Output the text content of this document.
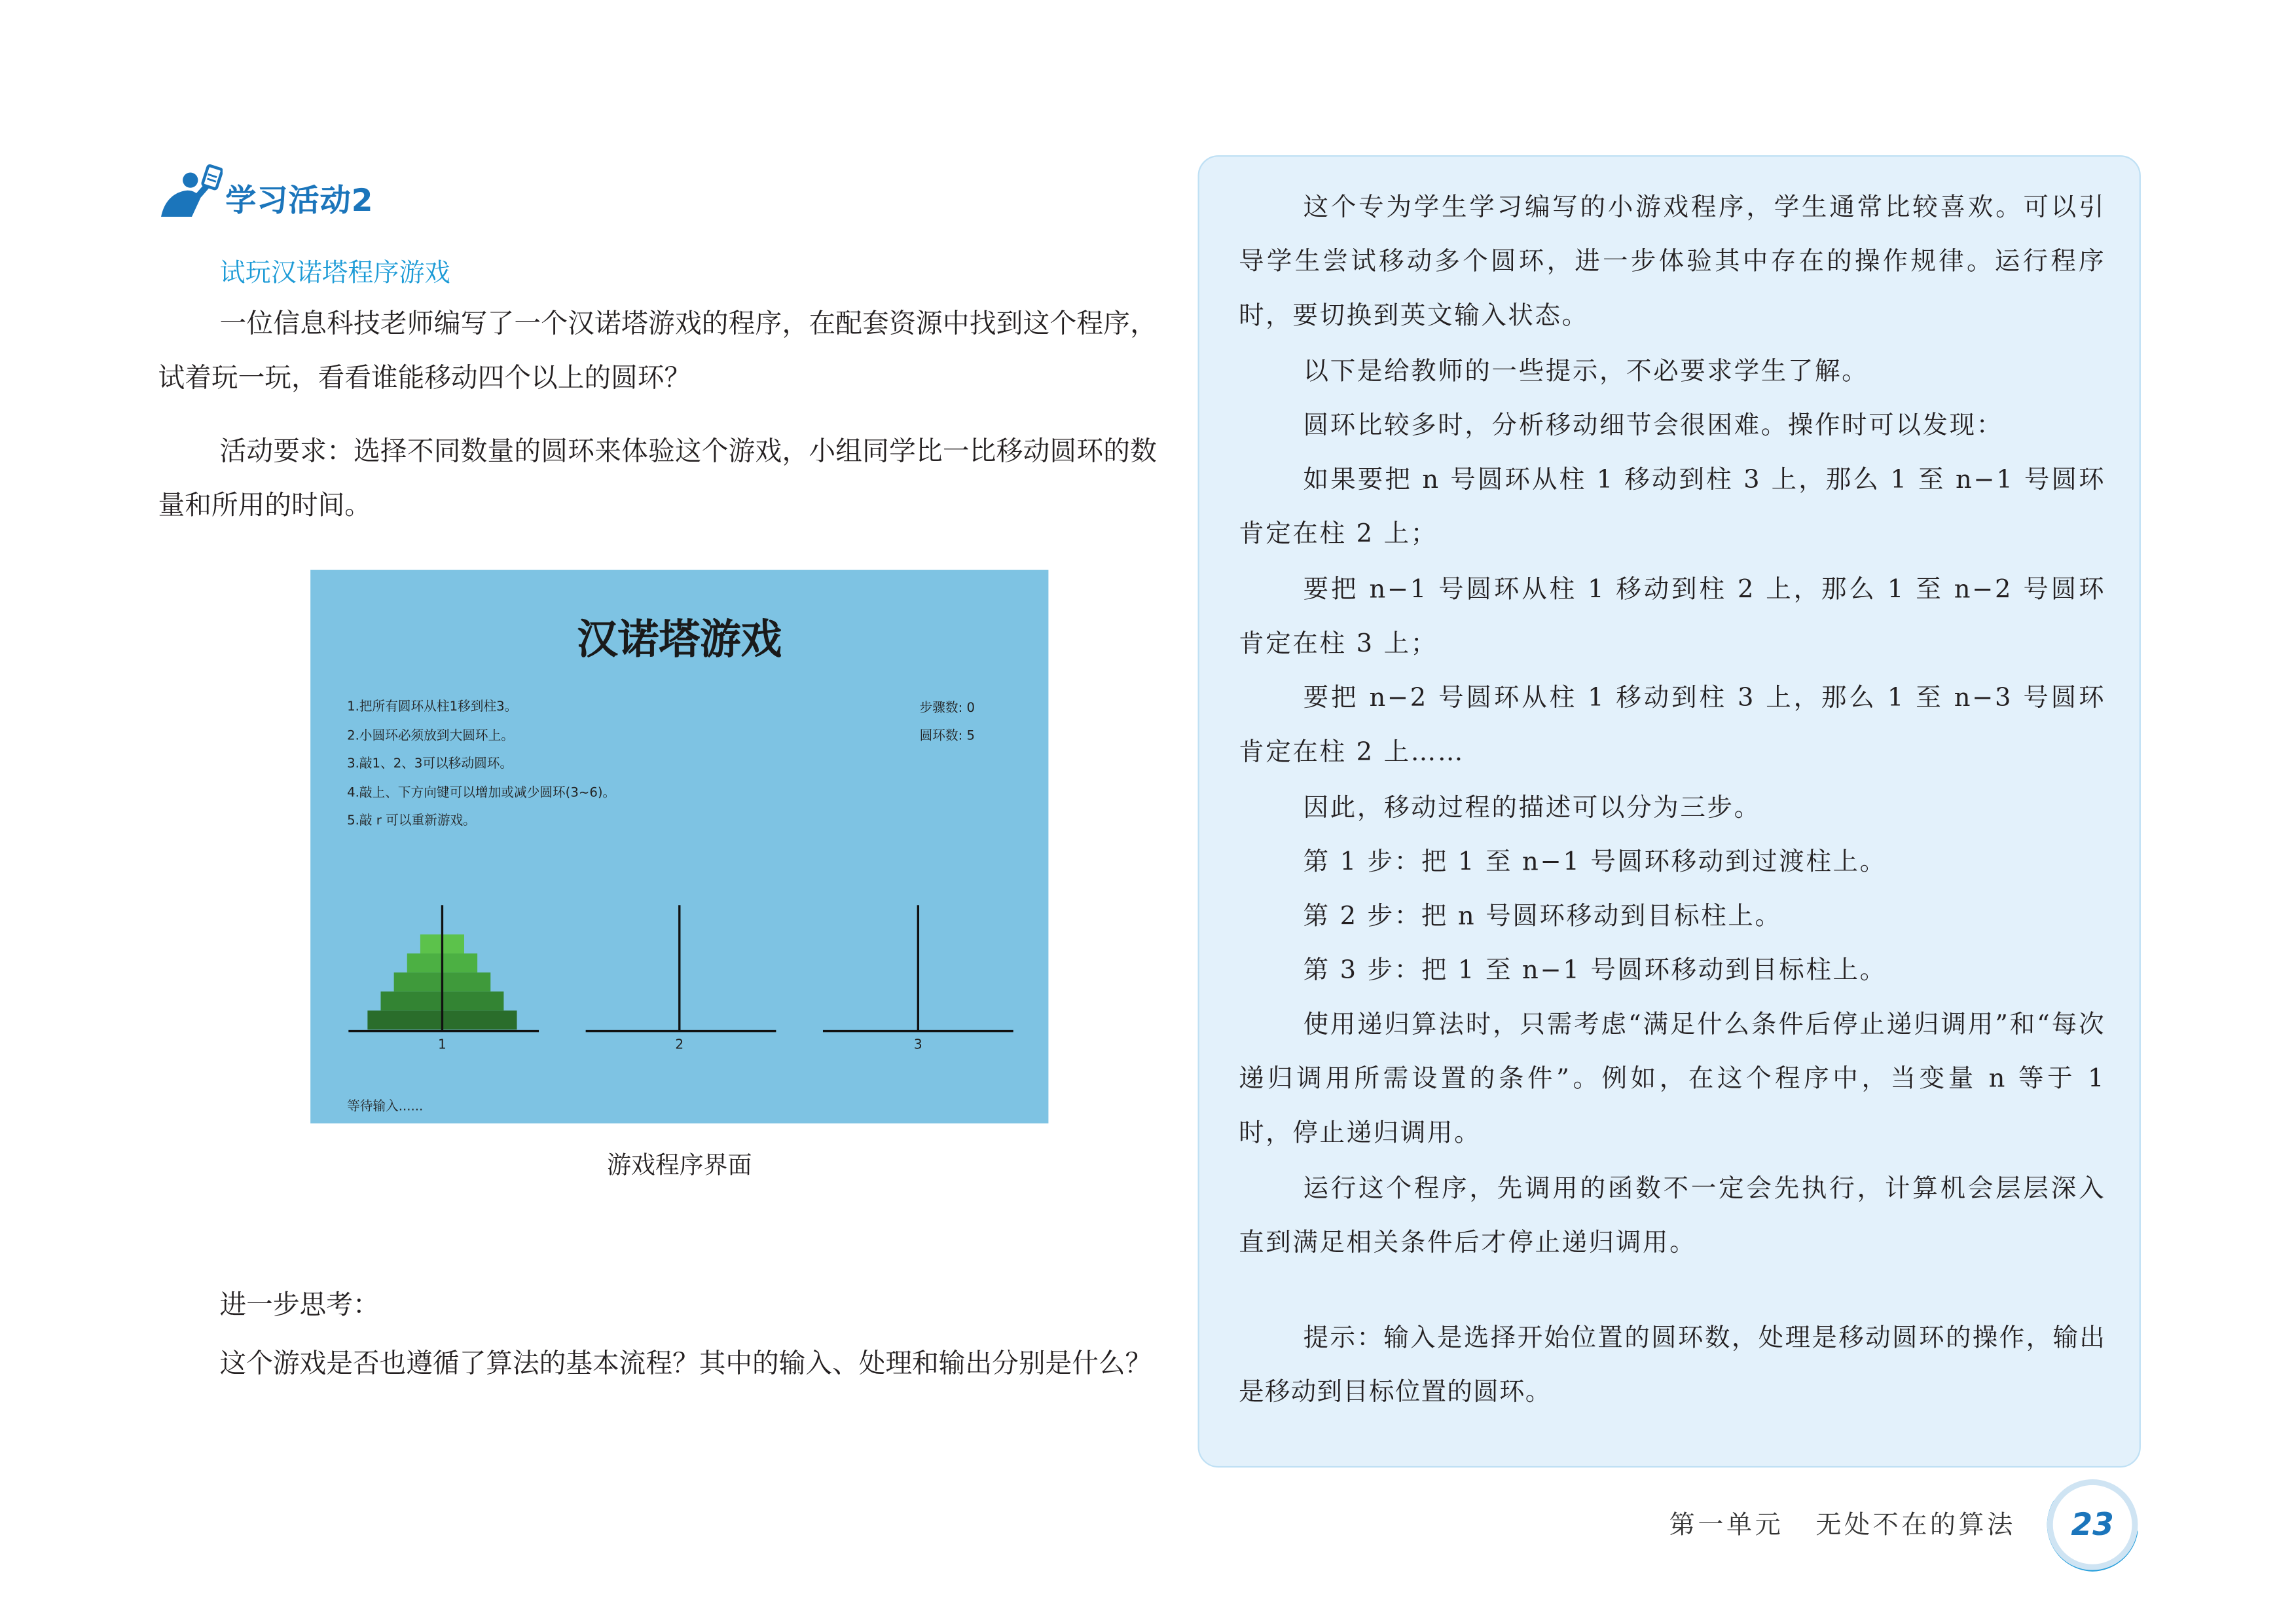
学习活动2
试玩汉诺塔程序游戏

一位信息科技老师编写了一个汉诺塔游戏的程序，在配套资源中找到这个程序，试着玩一玩，看看谁能移动四个以上的圆环？

活动要求：选择不同数量的圆环来体验这个游戏，小组同学比一比移动圆环的数量和所用的时间。

汉诺塔游戏
1.把所有圆环从柱1移到柱3。
2.小圆环必须放到大圆环上。
3.敲1、2、3可以移动圆环。
4.敲上、下方向键可以增加或减少圆环(3~6)。
5.敲 r 可以重新游戏。
步骤数: 0
圆环数: 5
1	2	3
等待输入......
游戏程序界面

进一步思考：

这个游戏是否也遵循了算法的基本流程？其中的输入、处理和输出分别是什么？

这个专为学生学习编写的小游戏程序，学生通常比较喜欢。可以引导学生尝试移动多个圆环，进一步体验其中存在的操作规律。运行程序时，要切换到英文输入状态。

以下是给教师的一些提示，不必要求学生了解。

圆环比较多时，分析移动细节会很困难。操作时可以发现：

如果要把 n 号圆环从柱 1 移动到柱 3 上，那么 1 至 n−1 号圆环肯定在柱 2 上；

要把 n−1 号圆环从柱 1 移动到柱 2 上，那么 1 至 n−2 号圆环肯定在柱 3 上；

要把 n−2 号圆环从柱 1 移动到柱 3 上，那么 1 至 n−3 号圆环肯定在柱 2 上……

因此，移动过程的描述可以分为三步。

第 1 步：把 1 至 n−1 号圆环移动到过渡柱上。

第 2 步：把 n 号圆环移动到目标柱上。

第 3 步：把 1 至 n−1 号圆环移动到目标柱上。

使用递归算法时，只需考虑“满足什么条件后停止递归调用”和“每次递归调用所需设置的条件”。例如，在这个程序中，当变量 n 等于 1 时，停止递归调用。

运行这个程序，先调用的函数不一定会先执行，计算机会层层深入直到满足相关条件后才停止递归调用。

提示：输入是选择开始位置的圆环数，处理是移动圆环的操作，输出是移动到目标位置的圆环。

第一单元	无处不在的算法	23
